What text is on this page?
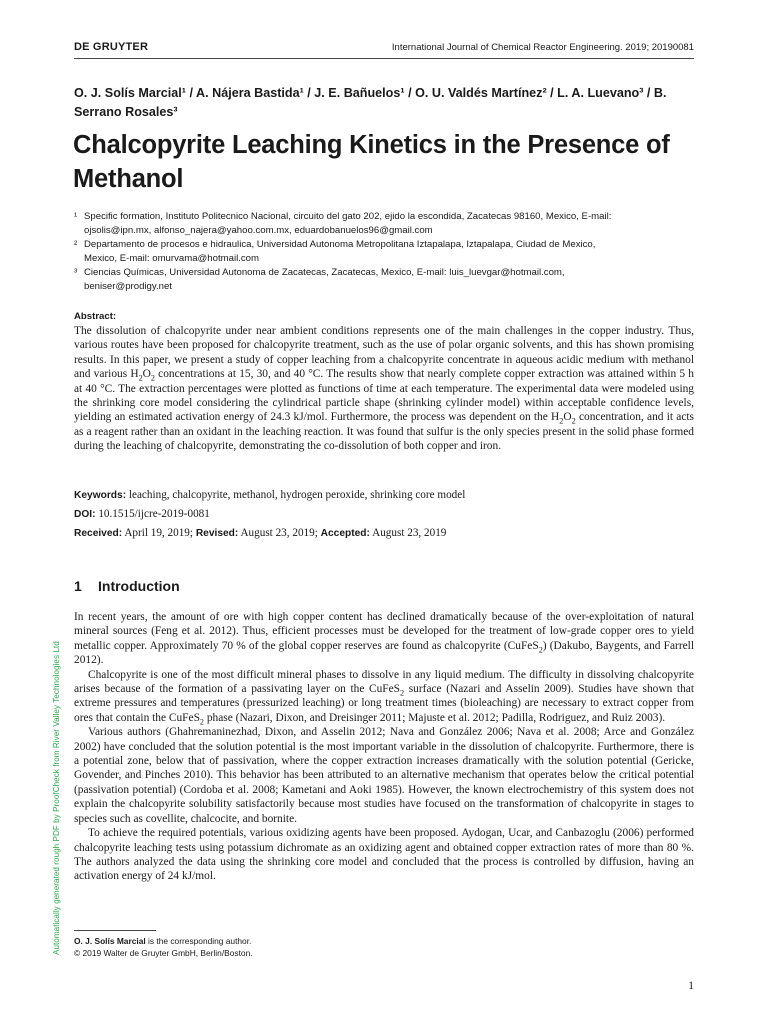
DE GRUYTER	International Journal of Chemical Reactor Engineering. 2019; 20190081
O. J. Solís Marcial¹ / A. Nájera Bastida¹ / J. E. Bañuelos¹ / O. U. Valdés Martínez² / L. A. Luevano³ / B. Serrano Rosales³
Chalcopyrite Leaching Kinetics in the Presence of Methanol

¹ Specific formation, Instituto Politecnico Nacional, circuito del gato 202, ejido la escondida, Zacatecas 98160, Mexico, E-mail:
ojsolis@ipn.mx, alfonso_najera@yahoo.com.mx, eduardobanuelos96@gmail.com

² Departamento de procesos e hidraulica, Universidad Autonoma Metropolitana Iztapalapa, Iztapalapa, Ciudad de Mexico,
Mexico, E-mail: omurvama@hotmail.com

³ Ciencias Químicas, Universidad Autonoma de Zacatecas, Zacatecas, Mexico, E-mail: luis_luevgar@hotmail.com,
beniser@prodigy.net

Abstract:

The dissolution of chalcopyrite under near ambient conditions represents one of the main challenges in the copper industry. Thus, various routes have been proposed for chalcopyrite treatment, such as the use of polar organic solvents, and this has shown promising results. In this paper, we present a study of copper leaching from a chalcopyrite concentrate in aqueous acidic medium with methanol and various $H_2O_2$ concentrations at 15, 30, and 40 °C. The results show that nearly complete copper extraction was attained within 5 h at 40 °C. The extraction percentages were plotted as functions of time at each temperature. The experimental data were modeled using the shrinking core model considering the cylindrical particle shape (shrinking cylinder model) within acceptable confidence levels, yielding an estimated activation energy of 24.3 kJ/mol. Furthermore, the process was dependent on the $H_2O_2$ concentration, and it acts as a reagent rather than an oxidant in the leaching reaction. It was found that sulfur is the only species present in the solid phase formed during the leaching of chalcopyrite, demonstrating the co-dissolution of both copper and iron.

Keywords: leaching, chalcopyrite, methanol, hydrogen peroxide, shrinking core model

DOI: 10.1515/ijcre-2019-0081

Received: April 19, 2019; Revised: August 23, 2019; Accepted: August 23, 2019

1 Introduction

In recent years, the amount of ore with high copper content has declined dramatically because of the over-exploitation of natural mineral sources (Feng et al. 2012). Thus, efficient processes must be developed for the treatment of low-grade copper ores to yield metallic copper. Approximately 70 % of the global copper reserves are found as chalcopyrite (CuFeS$_2$) (Dakubo, Baygents, and Farrell 2012).

Chalcopyrite is one of the most difficult mineral phases to dissolve in any liquid medium. The difficulty in dissolving chalcopyrite arises because of the formation of a passivating layer on the CuFeS$_2$ surface (Nazari and Asselin 2009). Studies have shown that extreme pressures and temperatures (pressurized leaching) or long treatment times (bioleaching) are necessary to extract copper from ores that contain the CuFeS$_2$ phase (Nazari, Dixon, and Dreisinger 2011; Majuste et al. 2012; Padilla, Rodriguez, and Ruiz 2003).

Various authors (Ghahremaninezhad, Dixon, and Asselin 2012; Nava and González 2006; Nava et al. 2008; Arce and González 2002) have concluded that the solution potential is the most important variable in the dissolution of chalcopyrite. Furthermore, there is a potential zone, below that of passivation, where the copper extraction increases dramatically with the solution potential (Gericke, Govender, and Pinches 2010). This behavior has been attributed to an alternative mechanism that operates below the critical potential (passivation potential) (Cordoba et al. 2008; Kametani and Aoki 1985). However, the known electrochemistry of this system does not explain the chalcopyrite solubility satisfactorily because most studies have focused on the transformation of chalcopyrite in stages to species such as covellite, chalcocite, and bornite.

To achieve the required potentials, various oxidizing agents have been proposed. Aydogan, Ucar, and Canbazoglu (2006) performed chalcopyrite leaching tests using potassium dichromate as an oxidizing agent and obtained copper extraction rates of more than 80 %. The authors analyzed the data using the shrinking core model and concluded that the process is controlled by diffusion, having an activation energy of 24 kJ/mol.

O. J. Solís Marcial is the corresponding author.
© 2019 Walter de Gruyter GmbH, Berlin/Boston.
1
Automatically generated rough PDF by ProofCheck from River Valley Technologies Ltd
